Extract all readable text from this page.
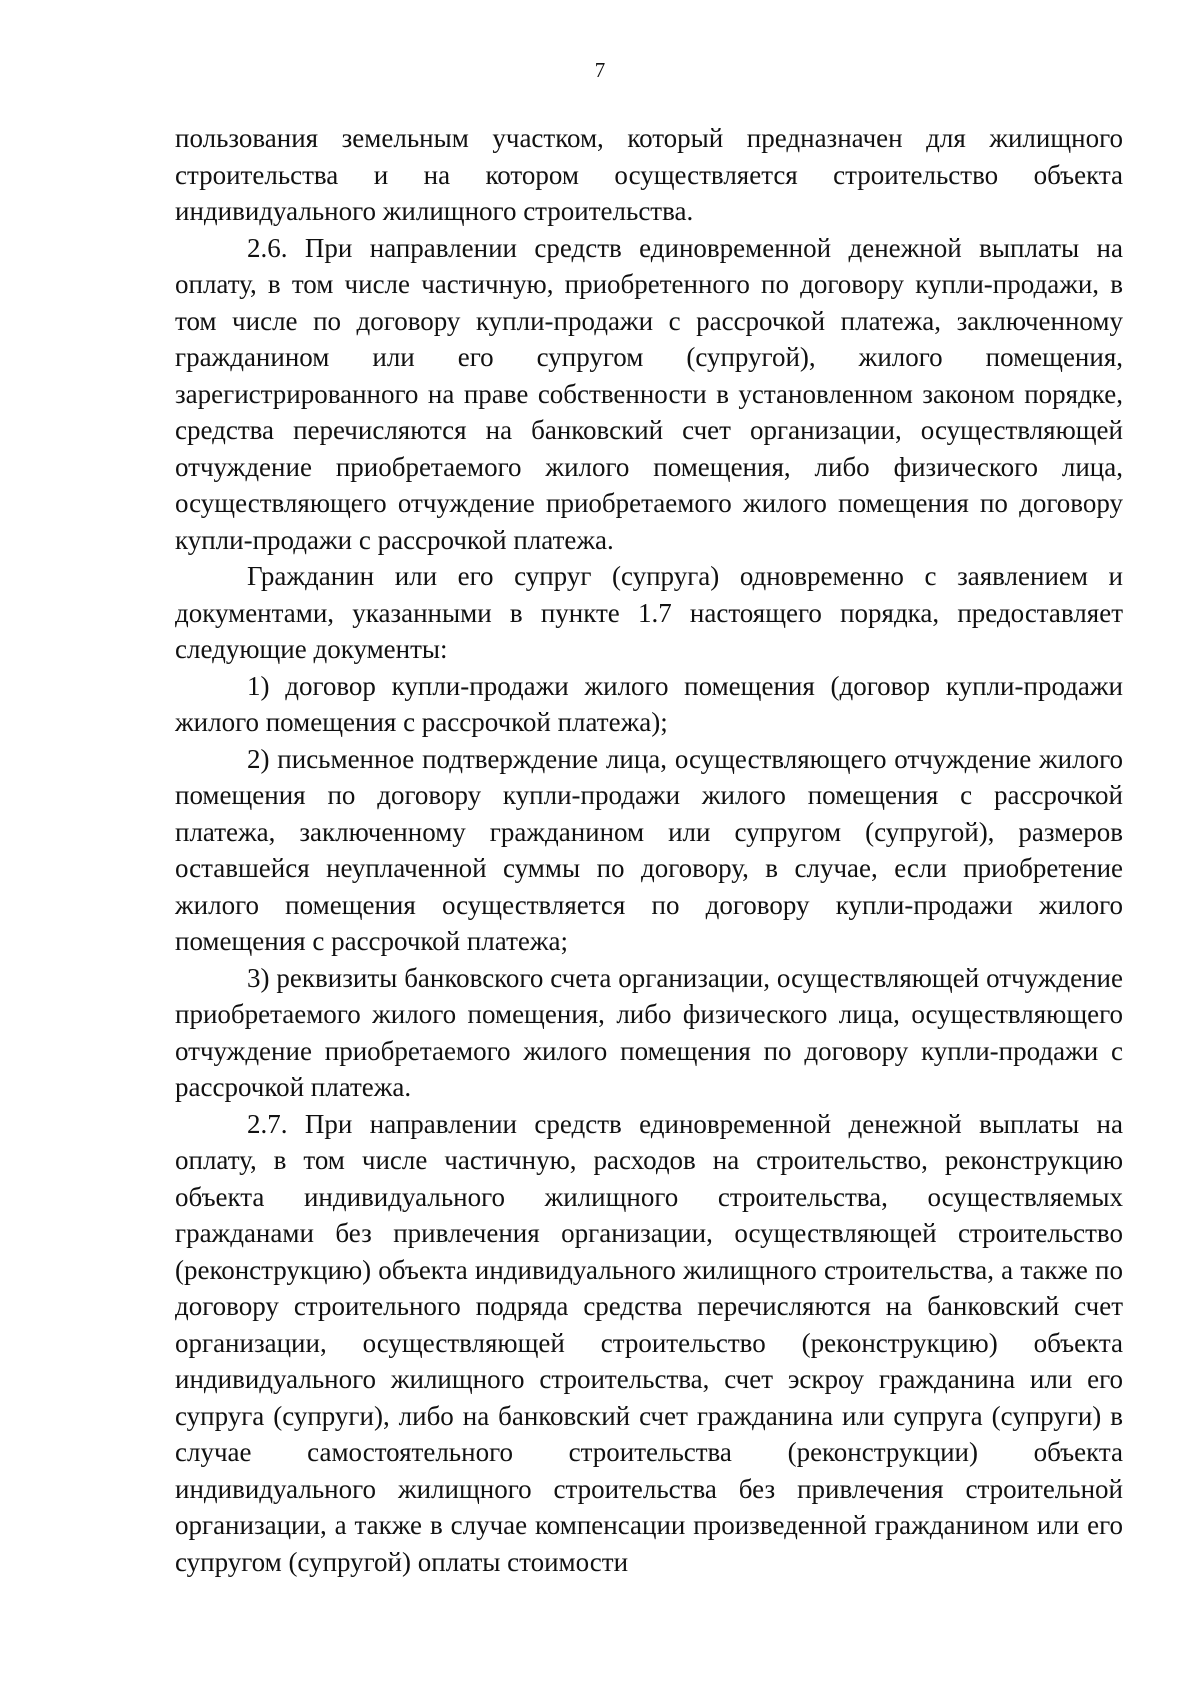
7

пользования земельным участком, который предназначен для жилищного строительства и на котором осуществляется строительство объекта индивидуального жилищного строительства.

2.6. При направлении средств единовременной денежной выплаты на оплату, в том числе частичную, приобретенного по договору купли-продажи, в том числе по договору купли-продажи с рассрочкой платежа, заключенному гражданином или его супругом (супругой), жилого помещения, зарегистрированного на праве собственности в установленном законом порядке, средства перечисляются на банковский счет организации, осуществляющей отчуждение приобретаемого жилого помещения, либо физического лица, осуществляющего отчуждение приобретаемого жилого помещения по договору купли-продажи с рассрочкой платежа.

Гражданин или его супруг (супруга) одновременно с заявлением и документами, указанными в пункте 1.7 настоящего порядка, предоставляет следующие документы:

1) договор купли-продажи жилого помещения (договор купли-продажи жилого помещения с рассрочкой платежа);

2) письменное подтверждение лица, осуществляющего отчуждение жилого помещения по договору купли-продажи жилого помещения с рассрочкой платежа, заключенному гражданином или супругом (супругой), размеров оставшейся неуплаченной суммы по договору, в случае, если приобретение жилого помещения осуществляется по договору купли-продажи жилого помещения с рассрочкой платежа;

3) реквизиты банковского счета организации, осуществляющей отчуждение приобретаемого жилого помещения, либо физического лица, осуществляющего отчуждение приобретаемого жилого помещения по договору купли-продажи с рассрочкой платежа.

2.7. При направлении средств единовременной денежной выплаты на оплату, в том числе частичную, расходов на строительство, реконструкцию объекта индивидуального жилищного строительства, осуществляемых гражданами без привлечения организации, осуществляющей строительство (реконструкцию) объекта индивидуального жилищного строительства, а также по договору строительного подряда средства перечисляются на банковский счет организации, осуществляющей строительство (реконструкцию) объекта индивидуального жилищного строительства, счет эскроу гражданина или его супруга (супруги), либо на банковский счет гражданина или супруга (супруги) в случае самостоятельного строительства (реконструкции) объекта индивидуального жилищного строительства без привлечения строительной организации, а также в случае компенсации произведенной гражданином или его супругом (супругой) оплаты стоимости
